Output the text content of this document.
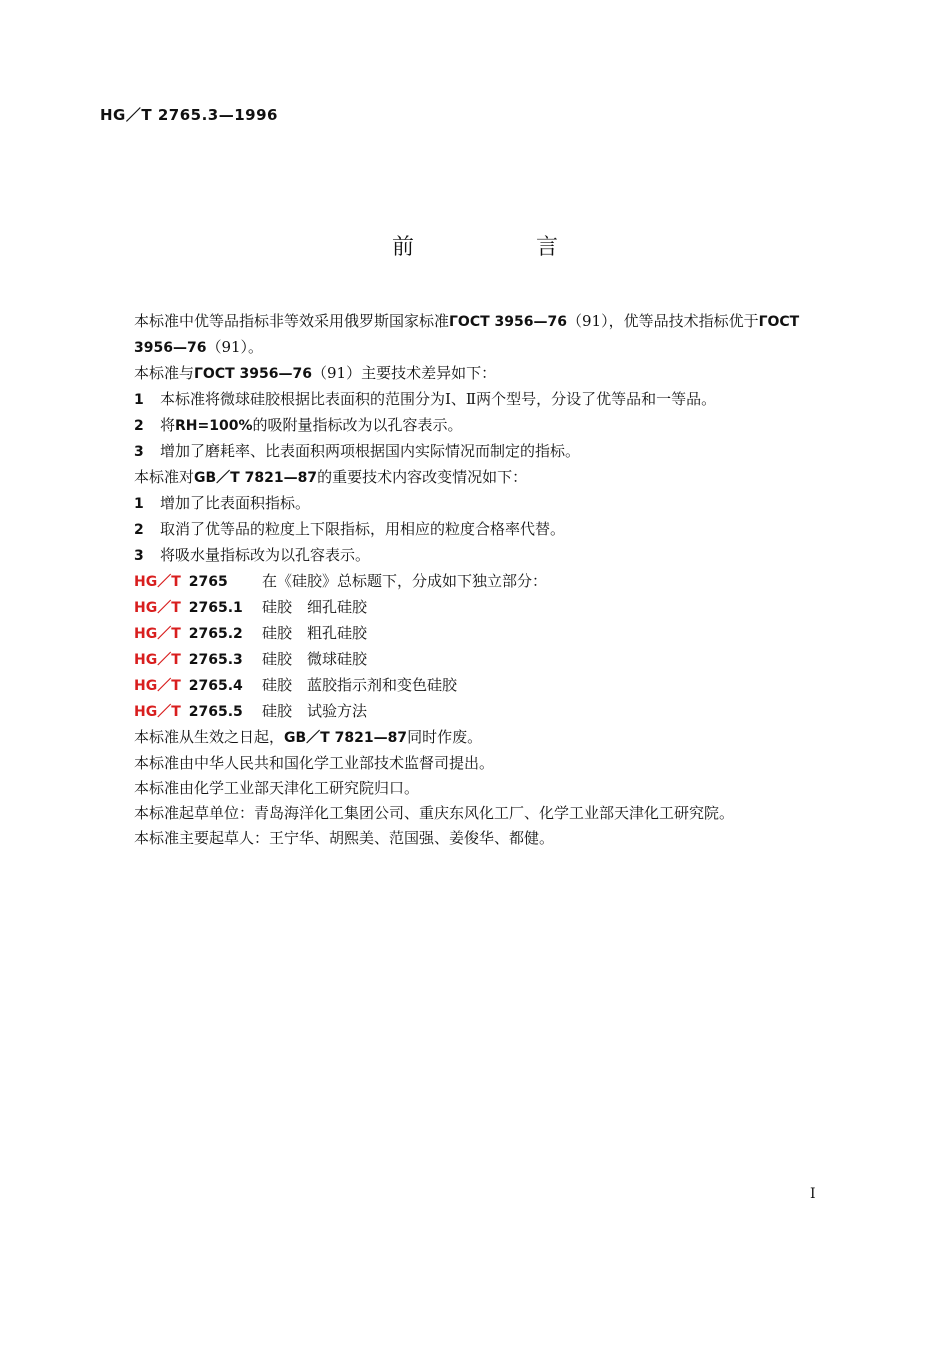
HG／T 2765.3—1996
前　言

本标准中优等品指标非等效采用俄罗斯国家标准ГОСТ 3956—76（91），优等品技术指标优于ГОСТ 3956—76（91）。

本标准与ГОСТ 3956—76（91）主要技术差异如下：

1 本标准将微球硅胶根据比表面积的范围分为Ⅰ、Ⅱ两个型号，分设了优等品和一等品。

2 将RH=100%的吸附量指标改为以孔容表示。

3 增加了磨耗率、比表面积两项根据国内实际情况而制定的指标。

本标准对GB／T 7821—87的重要技术内容改变情况如下：

1 增加了比表面积指标。

2 取消了优等品的粒度上下限指标，用相应的粒度合格率代替。

3 将吸水量指标改为以孔容表示。

HG／T 2765 在《硅胶》总标题下，分成如下独立部分：

HG／T 2765.1 硅胶　细孔硅胶

HG／T 2765.2 硅胶　粗孔硅胶

HG／T 2765.3 硅胶　微球硅胶

HG／T 2765.4 硅胶　蓝胶指示剂和变色硅胶

HG／T 2765.5 硅胶　试验方法

本标准从生效之日起，GB／T 7821—87同时作废。

本标准由中华人民共和国化学工业部技术监督司提出。

本标准由化学工业部天津化工研究院归口。

本标准起草单位：青岛海洋化工集团公司、重庆东风化工厂、化学工业部天津化工研究院。

本标准主要起草人：王宁华、胡熙美、范国强、姜俊华、都健。

Ⅰ
